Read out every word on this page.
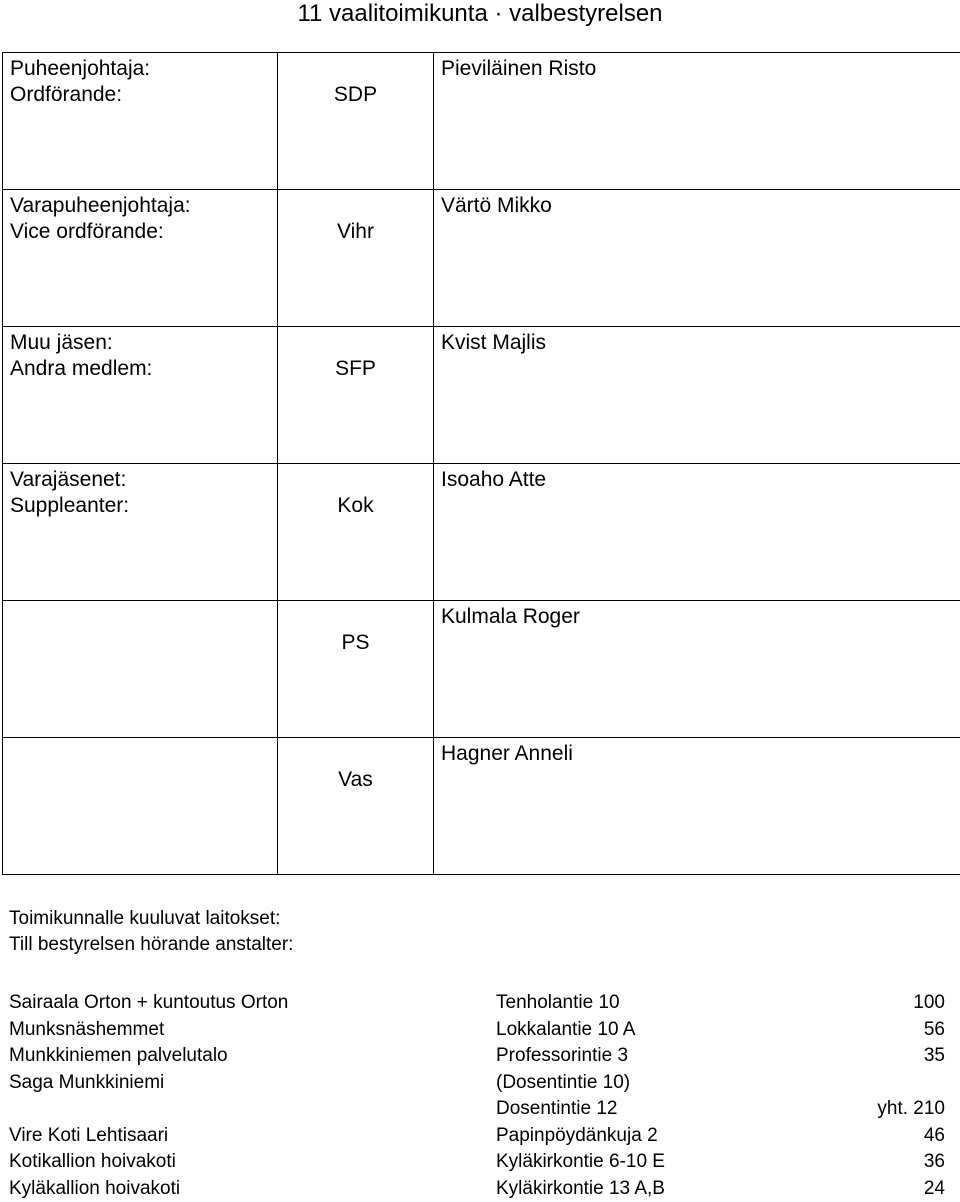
11 vaalitoimikunta · valbestyrelsen
Puheenjohtaja:
Ordförande:	SDP	Pieviläinen Risto

Varapuheenjohtaja:
Vice ordförande:	Vihr	Värtö Mikko

Muu jäsen:
Andra medlem:	SFP	Kvist Majlis

Varajäsenet:
Suppleanter:	Kok	Isoaho Atte

	PS	Kulmala Roger

	Vas	Hagner Anneli
Toimikunnalle kuuluvat laitokset:
Till bestyrelsen hörande anstalter:
Sairaala Orton + kuntoutus Orton	Tenholantie 10	100
Munksnäshemmet	Lokkalantie 10 A	56
Munkkiniemen palvelutalo	Professorintie 3	35
Saga Munkkiniemi	(Dosentintie 10)	
	Dosentintie 12	yht. 210
Vire Koti Lehtisaari	Papinpöydänkuja 2	46
Kotikallion hoivakoti	Kyläkirkontie 6-10 E	36
Kyläkallion hoivakoti	Kyläkirkontie 13 A,B	24
